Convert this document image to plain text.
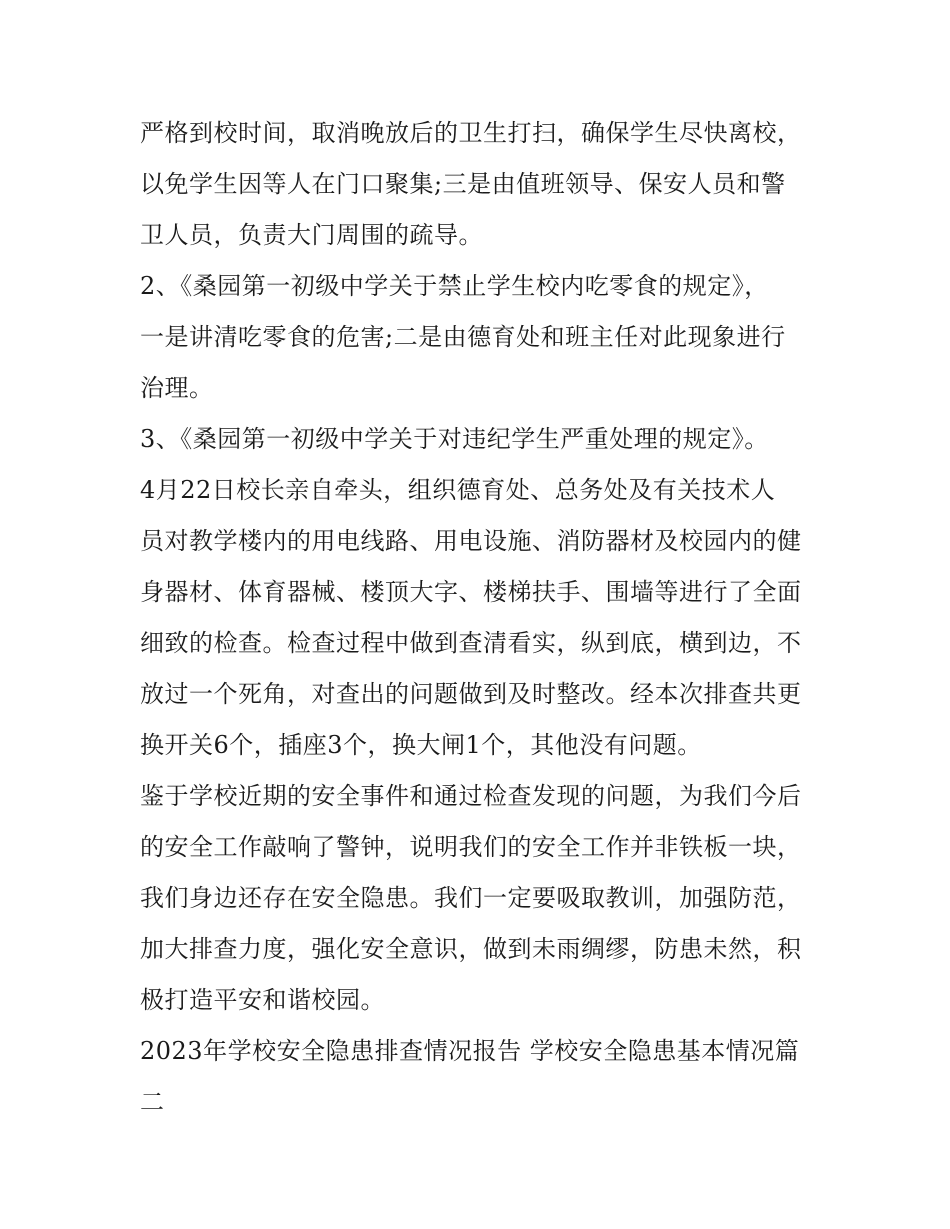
严格到校时间，取消晚放后的卫生打扫，确保学生尽快离校，
以免学生因等人在门口聚集;三是由值班领导、保安人员和警
卫人员，负责大门周围的疏导。
2、《桑园第一初级中学关于禁止学生校内吃零食的规定》，
一是讲清吃零食的危害;二是由德育处和班主任对此现象进行
治理。
3、《桑园第一初级中学关于对违纪学生严重处理的规定》。
4月22日校长亲自牵头，组织德育处、总务处及有关技术人
员对教学楼内的用电线路、用电设施、消防器材及校园内的健
身器材、体育器械、楼顶大字、楼梯扶手、围墙等进行了全面
细致的检查。检查过程中做到查清看实，纵到底，横到边，不
放过一个死角，对查出的问题做到及时整改。经本次排查共更
换开关6个，插座3个，换大闸1个，其他没有问题。
鉴于学校近期的安全事件和通过检查发现的问题，为我们今后
的安全工作敲响了警钟，说明我们的安全工作并非铁板一块，
我们身边还存在安全隐患。我们一定要吸取教训，加强防范，
加大排查力度，强化安全意识，做到未雨绸缪，防患未然，积
极打造平安和谐校园。
2023年学校安全隐患排查情况报告 学校安全隐患基本情况篇
二
